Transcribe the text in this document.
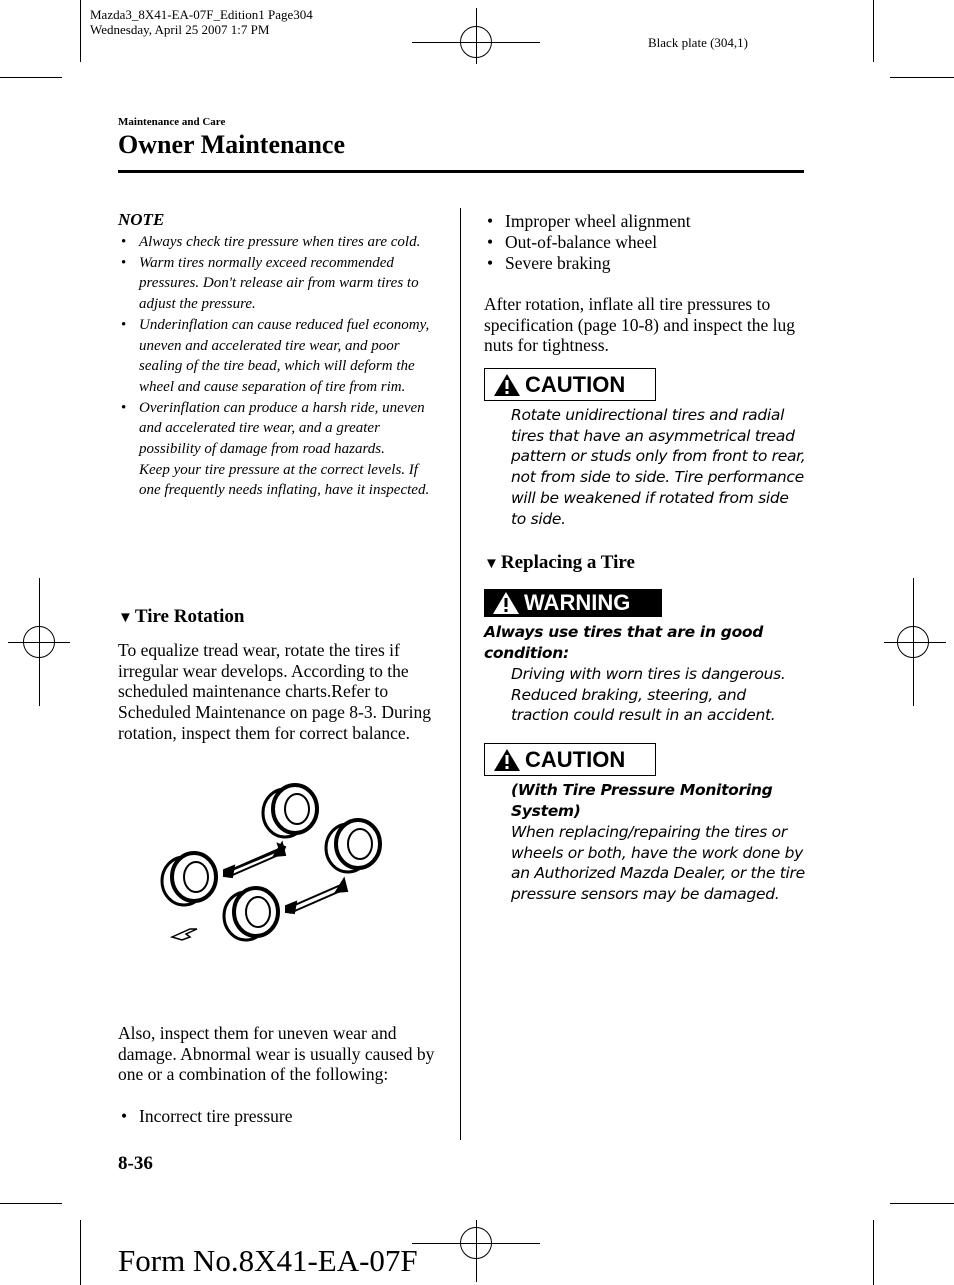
Mazda3_8X41-EA-07F_Edition1 Page304
Wednesday, April 25 2007 1:7 PM
Black plate (304,1)
Maintenance and Care
Owner Maintenance
NOTE
• Always check tire pressure when tires are cold.
• Warm tires normally exceed recommended pressures. Don't release air from warm tires to adjust the pressure.
• Underinflation can cause reduced fuel economy, uneven and accelerated tire wear, and poor sealing of the tire bead, which will deform the wheel and cause separation of tire from rim.
• Overinflation can produce a harsh ride, uneven and accelerated tire wear, and a greater possibility of damage from road hazards.
Keep your tire pressure at the correct levels. If one frequently needs inflating, have it inspected.
▼ Tire Rotation
To equalize tread wear, rotate the tires if irregular wear develops. According to the scheduled maintenance charts.Refer to Scheduled Maintenance on page 8-3. During rotation, inspect them for correct balance.
Also, inspect them for uneven wear and damage. Abnormal wear is usually caused by one or a combination of the following:
• Incorrect tire pressure
8-36
• Improper wheel alignment
• Out-of-balance wheel
• Severe braking
After rotation, inflate all tire pressures to specification (page 10-8) and inspect the lug nuts for tightness.
CAUTION
Rotate unidirectional tires and radial tires that have an asymmetrical tread pattern or studs only from front to rear, not from side to side. Tire performance will be weakened if rotated from side to side.
▼ Replacing a Tire
WARNING
Always use tires that are in good condition:
Driving with worn tires is dangerous. Reduced braking, steering, and traction could result in an accident.
CAUTION
(With Tire Pressure Monitoring System)
When replacing/repairing the tires or wheels or both, have the work done by an Authorized Mazda Dealer, or the tire pressure sensors may be damaged.
Form No.8X41-EA-07F
